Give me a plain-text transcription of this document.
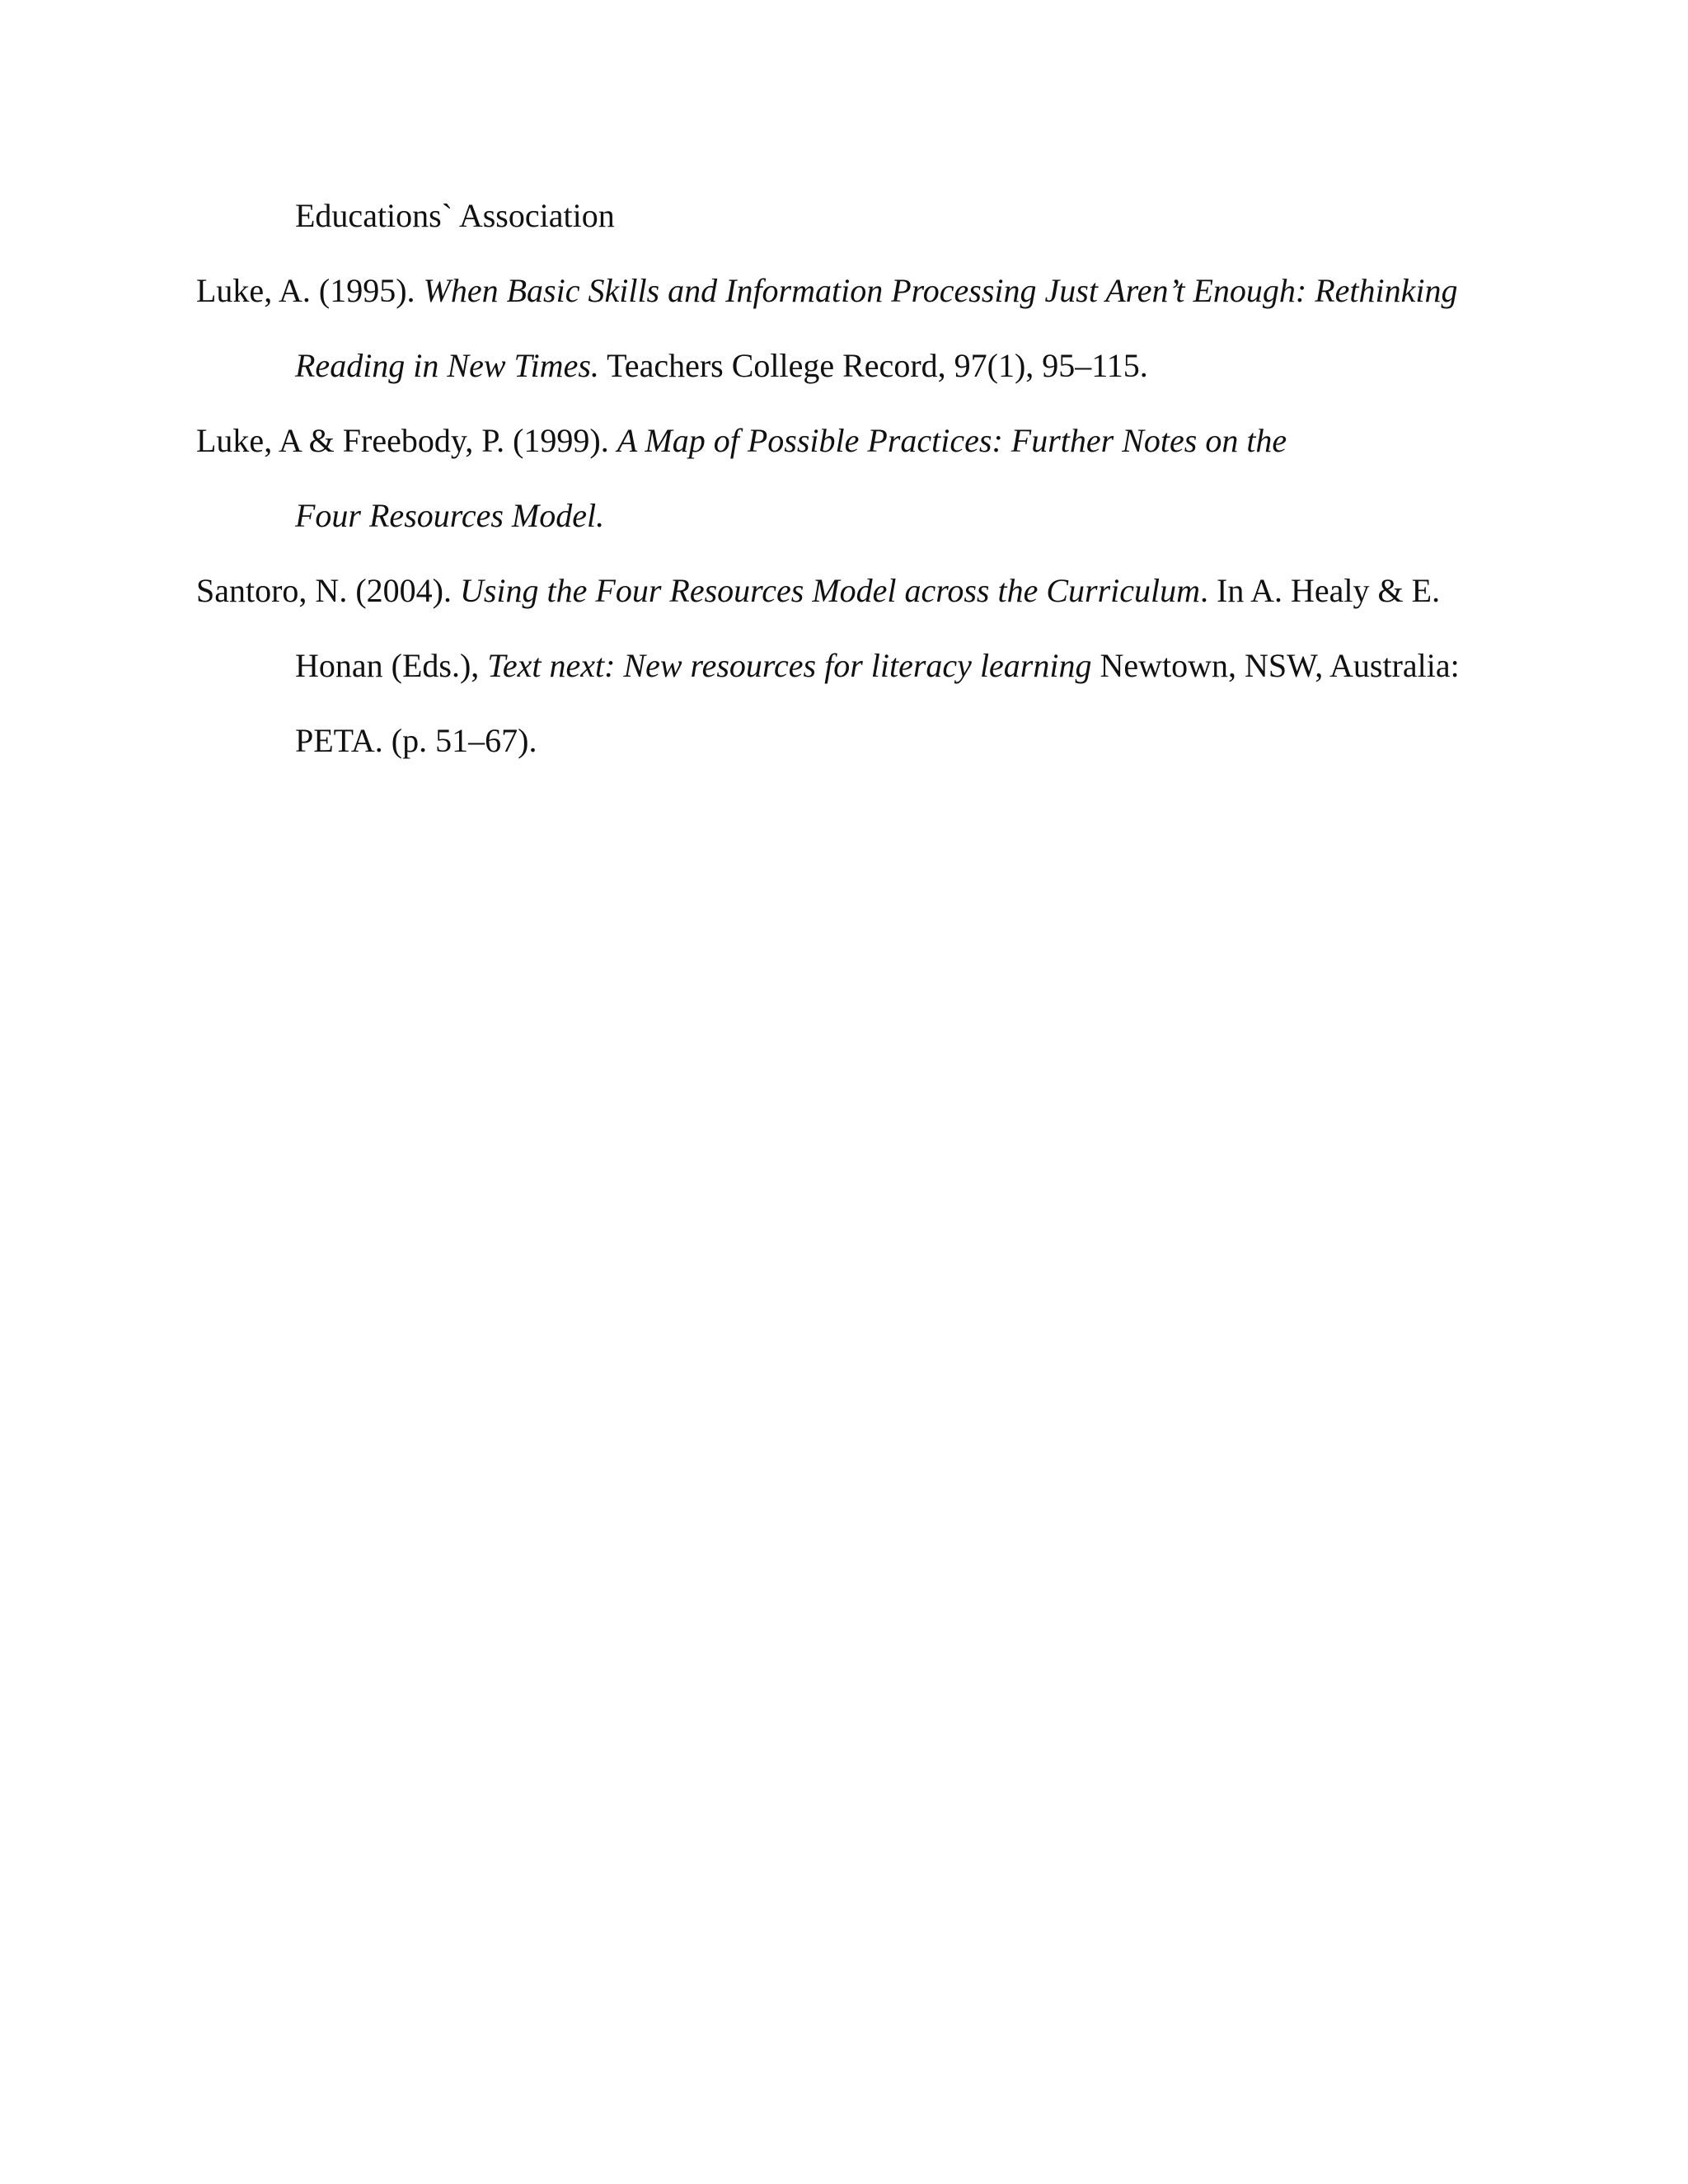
Educations` Association
Luke, A. (1995). When Basic Skills and Information Processing Just Aren’t Enough: Rethinking
Reading in New Times. Teachers College Record, 97(1), 95–115.
Luke, A & Freebody, P. (1999). A Map of Possible Practices: Further Notes on the
Four Resources Model.
Santoro, N. (2004). Using the Four Resources Model across the Curriculum. In A. Healy & E.
Honan (Eds.), Text next: New resources for literacy learning Newtown, NSW, Australia:
PETA. (p. 51–67).
